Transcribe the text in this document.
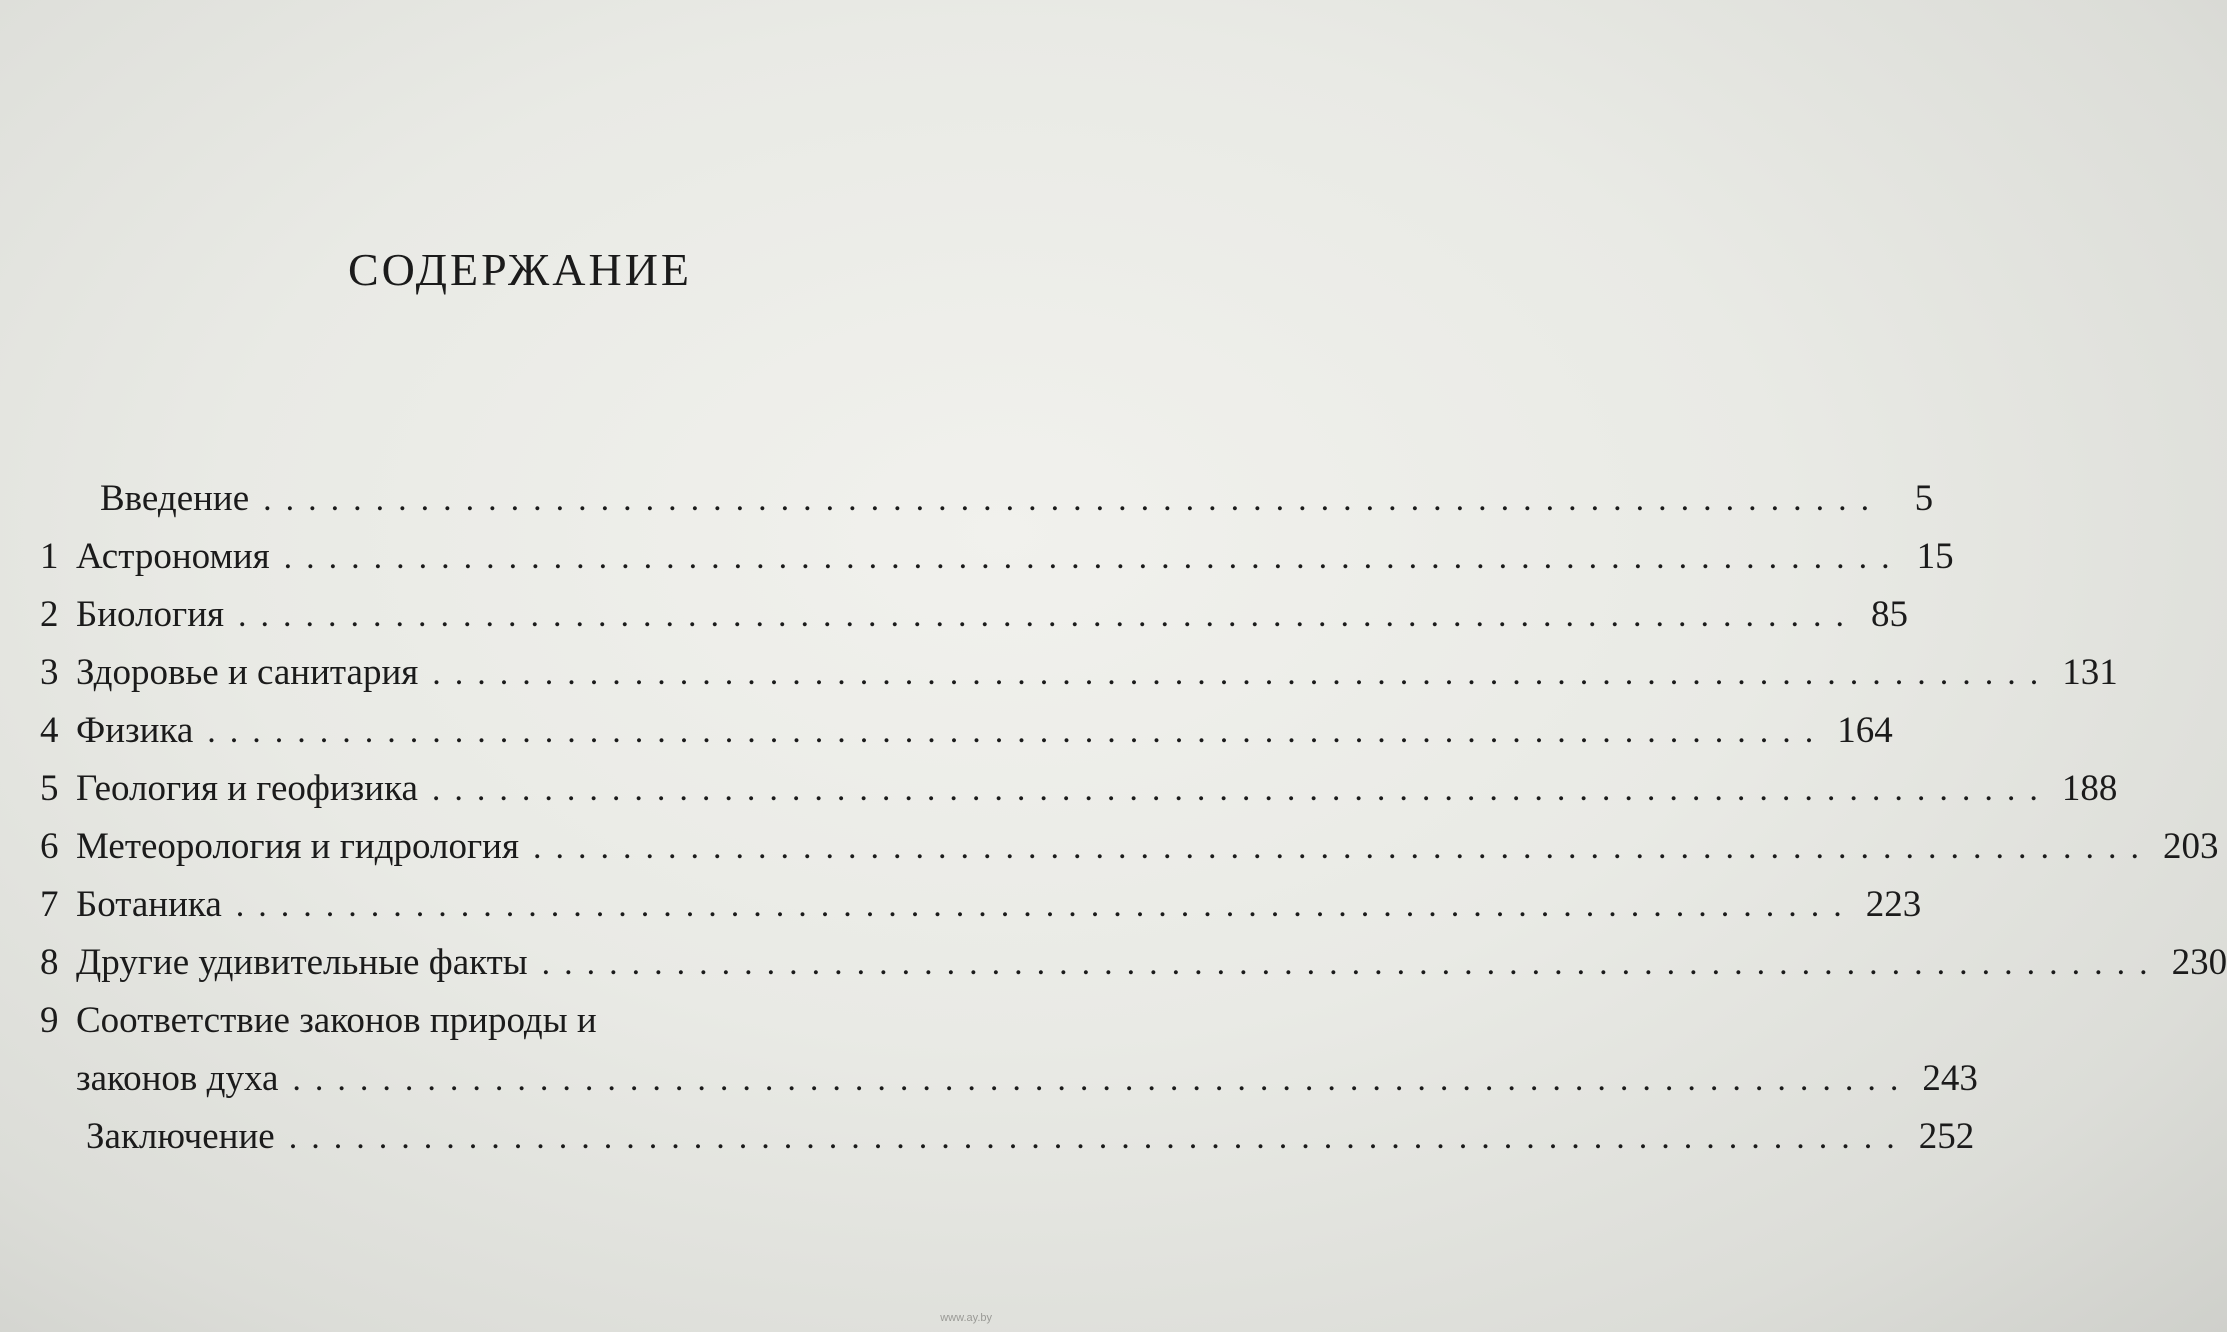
СОДЕРЖАНИЕ
Введение ........................................................................ 5
1 Астрономия ........................................................................ 15
2 Биология ........................................................................ 85
3 Здоровье и санитария ........................................................................ 131
4 Физика ........................................................................ 164
5 Геология и геофизика ........................................................................ 188
6 Метеорология и гидрология ........................................................................ 203
7 Ботаника ........................................................................ 223
8 Другие удивительные факты ........................................................................ 230
9 Соответствие законов природы и
законов духа ........................................................................ 243
Заключение ........................................................................ 252
www.ay.by
